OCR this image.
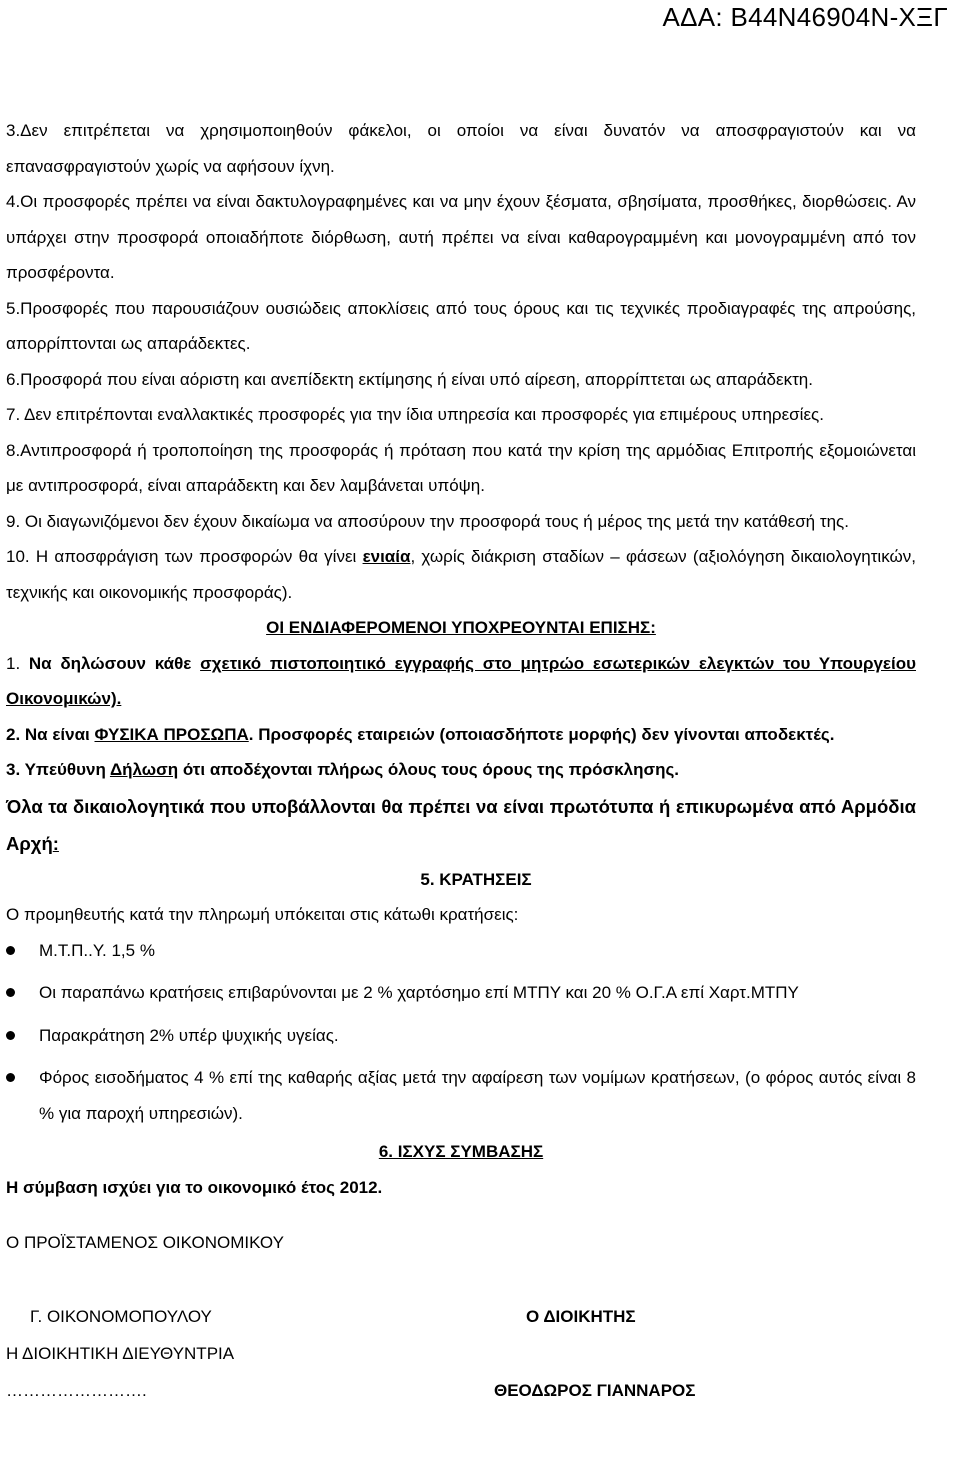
ΑΔΑ: Β44Ν46904Ν-ΧΞΓ

3.Δεν επιτρέπεται να χρησιμοποιηθούν φάκελοι, οι οποίοι να είναι δυνατόν να αποσφραγιστούν και να επανασφραγιστούν χωρίς να αφήσουν ίχνη.

4.Οι προσφορές πρέπει να είναι δακτυλογραφημένες και να μην έχουν ξέσματα, σβησίματα, προσθήκες, διορθώσεις. Αν υπάρχει στην προσφορά οποιαδήποτε διόρθωση, αυτή πρέπει να είναι καθαρογραμμένη και μονογραμμένη από τον προσφέροντα.

5.Προσφορές που παρουσιάζουν ουσιώδεις αποκλίσεις από τους όρους και τις τεχνικές προδιαγραφές της απρούσης, απορρίπτονται ως απαράδεκτες.

6.Προσφορά που είναι αόριστη και ανεπίδεκτη εκτίμησης ή είναι υπό αίρεση, απορρίπτεται ως απαράδεκτη.

7. Δεν επιτρέπονται εναλλακτικές προσφορές για την ίδια υπηρεσία και προσφορές για επιμέρους υπηρεσίες.

8.Αντιπροσφορά ή τροποποίηση της προσφοράς ή πρόταση που κατά την κρίση της αρμόδιας Επιτροπής εξομοιώνεται με αντιπροσφορά, είναι απαράδεκτη και δεν λαμβάνεται υπόψη.

9. Οι διαγωνιζόμενοι δεν έχουν δικαίωμα να αποσύρουν την προσφορά τους ή μέρος της μετά την κατάθεσή της.

10. Η αποσφράγιση των προσφορών θα γίνει ενιαία, χωρίς διάκριση σταδίων – φάσεων (αξιολόγηση δικαιολογητικών, τεχνικής και οικονομικής προσφοράς).

ΟΙ ΕΝΔΙΑΦΕΡΟΜΕΝΟΙ ΥΠΟΧΡΕΟΥΝΤΑΙ ΕΠΙΣΗΣ:

1. Να δηλώσουν κάθε σχετικό πιστοποιητικό εγγραφής στο μητρώο εσωτερικών ελεγκτών του Υπουργείου Οικονομικών).

2. Να είναι ΦΥΣΙΚΑ ΠΡΟΣΩΠΑ. Προσφορές εταιρειών (οποιασδήποτε μορφής) δεν γίνονται αποδεκτές.

3. Υπεύθυνη Δήλωση ότι αποδέχονται πλήρως όλους τους όρους της πρόσκλησης.

Όλα τα δικαιολογητικά που υποβάλλονται θα πρέπει να είναι πρωτότυπα ή επικυρωμένα από Αρμόδια Αρχή:

5. ΚΡΑΤΗΣΕΙΣ

Ο προμηθευτής κατά την πληρωμή υπόκειται στις κάτωθι κρατήσεις:

Μ.Τ.Π..Υ. 1,5 %
Οι παραπάνω κρατήσεις επιβαρύνονται με 2 % χαρτόσημο επί ΜΤΠΥ και 20 % Ο.Γ.Α επί Χαρτ.ΜΤΠΥ
Παρακράτηση 2% υπέρ ψυχικής υγείας.
Φόρος εισοδήματος 4 % επί της καθαρής αξίας μετά την αφαίρεση των νομίμων κρατήσεων, (ο φόρος αυτός είναι 8 % για παροχή υπηρεσιών).

6. ΙΣΧΥΣ ΣΥΜΒΑΣΗΣ

Η σύμβαση ισχύει για το οικονομικό έτος 2012.

Ο ΠΡΟΪΣΤΑΜΕΝΟΣ ΟΙΚΟΝΟΜΙΚΟΥ

Γ. ΟΙΚΟΝΟΜΟΠΟΥΛΟΥ	Ο ΔΙΟΙΚΗΤΗΣ
Η ΔΙΟΙΚΗΤΙΚΗ ΔΙΕΥΘΥΝΤΡΙΑ
…………………….	ΘΕΟΔΩΡΟΣ ΓΙΑΝΝΑΡΟΣ
